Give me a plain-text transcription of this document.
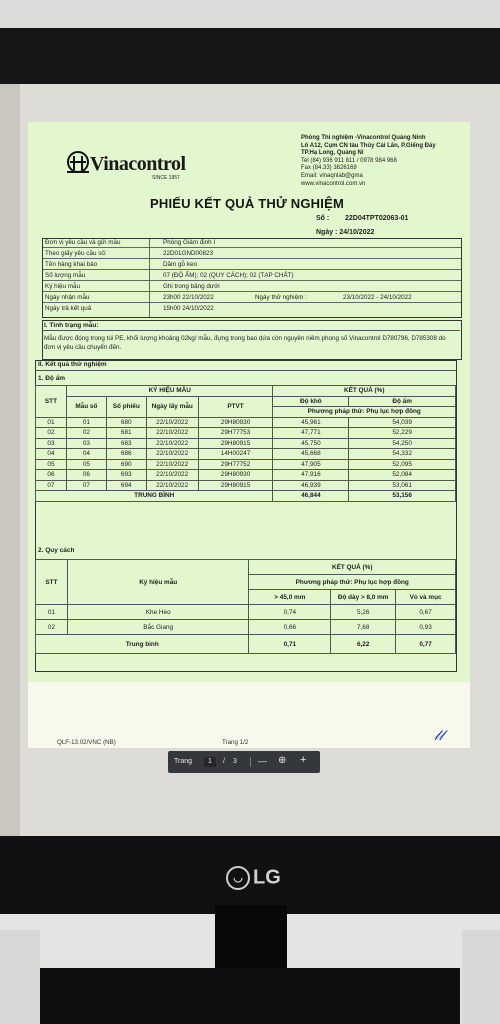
Vinacontrol
SINCE 1957
Phòng Thí nghiệm -Vinacontrol Quảng Ninh
Lô A12, Cụm CN tàu Thủy Cái Lân, P.Giếng Đáy
TP.Hạ Long, Quảng Ni
Tel (84) 936 911 811 / 0978 984 968
Fax (84.33) 3826169
Email: vinaqnlab@gma
www.vinacontrol.com.vn
PHIẾU KẾT QUẢ THỬ NGHIỆM
Số : 22D04TPT02063-01
Ngày : 24/10/2022
Đơn vị yêu cầu và gửi mẫu	Phòng Giám định I
Theo giấy yêu cầu số:	22D01GND00823
Tên hàng khai báo	Dăm gỗ keo
Số lượng mẫu	07 (ĐỘ ẨM); 02 (QUY CÁCH); 02 (TẠP CHẤT)
Ký hiệu mẫu	Ghi trong bảng dưới
Ngày nhận mẫu	23h00 22/10/2022	Ngày thử nghiệm :	23/10/2022 - 24/10/2022
Ngày trả kết quả	15h00 24/10/2022
I. Tình trạng mẫu:
Mẫu được đóng trong túi PE, khối lượng khoảng 02kg/ mẫu, đựng trong bao dứa còn nguyên niêm phong số Vinacontrol D780796, D785308 do đơn vị yêu cầu chuyển đến.
II. Kết quả thử nghiệm
1. Độ ẩm
STT	KÝ HIỆU MẪU				KẾT QUẢ (%)	
	Mẫu số	Số phiếu	Ngày lấy mẫu	PTVT	Độ khô	Độ ẩm
					Phương pháp thử: Phụ lục hợp đồng	
01	01	680	22/10/2022	29H80930	45,961	54,039
02	02	681	22/10/2022	29H77753	47,771	52,229
03	03	683	22/10/2022	29H80915	45,750	54,250
04	04	686	22/10/2022	14H00247	45,668	54,332
05	05	690	22/10/2022	29H77752	47,905	52,095
06	06	693	22/10/2022	29H80930	47,916	52,084
07	07	694	22/10/2022	29H80915	46,939	53,061
TRUNG BÌNH					46,844	53,156
2. Quy cách
STT	Ký hiệu mẫu	KẾT QUẢ (%)		
		Phương pháp thử: Phụ lục hợp đồng		
		> 45,0 mm	Độ dày > 8,0 mm	Vỏ và mục
01	Khe Hèo	0,74	5,26	0,67
02	Bắc Giang	0,66	7,68	0,93
Trung bình		0,71	6,22	0,77
QLF-13.02/VNC (NB)	Trang 1/2	𝓁𝓁
Trang	1	/ 3 — ⊕ +
◡ LG
